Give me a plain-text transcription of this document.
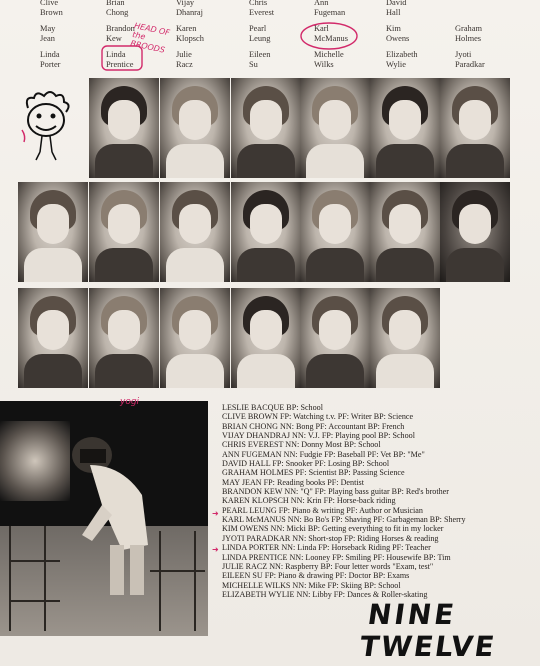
Clive
Brown
Brian
Chong
Vijay
Dhanraj
Chris
Everest
Ann
Fugeman
David
Hall
May
Jean
Brandon
Kew
Karen
Klopsch
Pearl
Leung
Karl
McManus
Kim
Owens
Graham
Holmes
Linda
Porter
Linda
Prentice
Julie
Racz
Eileen
Su
Michelle
Wilks
Elizabeth
Wylie
Jyoti
Paradkar
HEAD OF the BROODS
yogi
LESLIE BACQUE BP: School
CLIVE BROWN FP: Watching t.v. PF: Writer BP: Science
BRIAN CHONG NN: Bong PF: Accountant BP: French
VIJAY DHANDRAJ NN: V.J. FP: Playing pool BP: School
CHRIS EVEREST NN: Donny Most BP: School
ANN FUGEMAN NN: Fudgie FP: Baseball PF: Vet BP: "Me"
DAVID HALL FP: Snooker PF: Losing BP: School
GRAHAM HOLMES PF: Scientist BP: Passing Science
MAY JEAN FP: Reading books PF: Dentist
BRANDON KEW NN: "Q" FP: Playing bass guitar BP: Red's brother
KAREN KLOPSCH NN: Krin FP: Horse-back riding
PEARL LEUNG FP: Piano & writing PF: Author or Musician
KARL McMANUS NN: Bo Bo's FP: Shaving PF: Garbageman BP: Sherry
KIM OWENS NN: Micki BP: Getting everything to fit in my locker
JYOTI PARADKAR NN: Short-stop FP: Riding Horses & reading
LINDA PORTER NN: Linda FP: Horseback Riding PF: Teacher
LINDA PRENTICE NN: Looney FP: Smiling PF: Housewife BP: Tim
JULIE RACZ NN: Raspberry BP: Four letter words "Exam, test"
EILEEN SU FP: Piano & drawing PF: Doctor BP: Exams
MICHELLE WILKS NN: Mike FP: Skiing BP: School
ELIZABETH WYLIE NN: Libby FP: Dances & Roller-skating
➜
➜
NINE
TWELVE
